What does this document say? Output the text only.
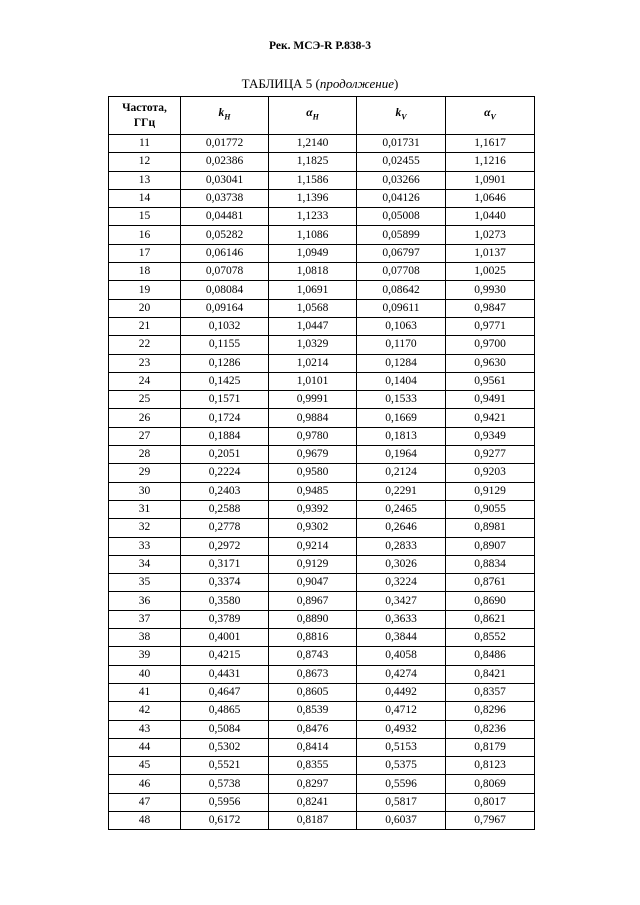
Рек. МСЭ-R P.838-3
ТАБЛИЦА 5 (продолжение)
Частота,
ГГц	$k_H$	$\alpha_H$	$k_V$	$\alpha_V$
11	0,01772	1,2140	0,01731	1,1617
12	0,02386	1,1825	0,02455	1,1216
13	0,03041	1,1586	0,03266	1,0901
14	0,03738	1,1396	0,04126	1,0646
15	0,04481	1,1233	0,05008	1,0440
16	0,05282	1,1086	0,05899	1,0273
17	0,06146	1,0949	0,06797	1,0137
18	0,07078	1,0818	0,07708	1,0025
19	0,08084	1,0691	0,08642	0,9930
20	0,09164	1,0568	0,09611	0,9847
21	0,1032	1,0447	0,1063	0,9771
22	0,1155	1,0329	0,1170	0,9700
23	0,1286	1,0214	0,1284	0,9630
24	0,1425	1,0101	0,1404	0,9561
25	0,1571	0,9991	0,1533	0,9491
26	0,1724	0,9884	0,1669	0,9421
27	0,1884	0,9780	0,1813	0,9349
28	0,2051	0,9679	0,1964	0,9277
29	0,2224	0,9580	0,2124	0,9203
30	0,2403	0,9485	0,2291	0,9129
31	0,2588	0,9392	0,2465	0,9055
32	0,2778	0,9302	0,2646	0,8981
33	0,2972	0,9214	0,2833	0,8907
34	0,3171	0,9129	0,3026	0,8834
35	0,3374	0,9047	0,3224	0,8761
36	0,3580	0,8967	0,3427	0,8690
37	0,3789	0,8890	0,3633	0,8621
38	0,4001	0,8816	0,3844	0,8552
39	0,4215	0,8743	0,4058	0,8486
40	0,4431	0,8673	0,4274	0,8421
41	0,4647	0,8605	0,4492	0,8357
42	0,4865	0,8539	0,4712	0,8296
43	0,5084	0,8476	0,4932	0,8236
44	0,5302	0,8414	0,5153	0,8179
45	0,5521	0,8355	0,5375	0,8123
46	0,5738	0,8297	0,5596	0,8069
47	0,5956	0,8241	0,5817	0,8017
48	0,6172	0,8187	0,6037	0,7967
